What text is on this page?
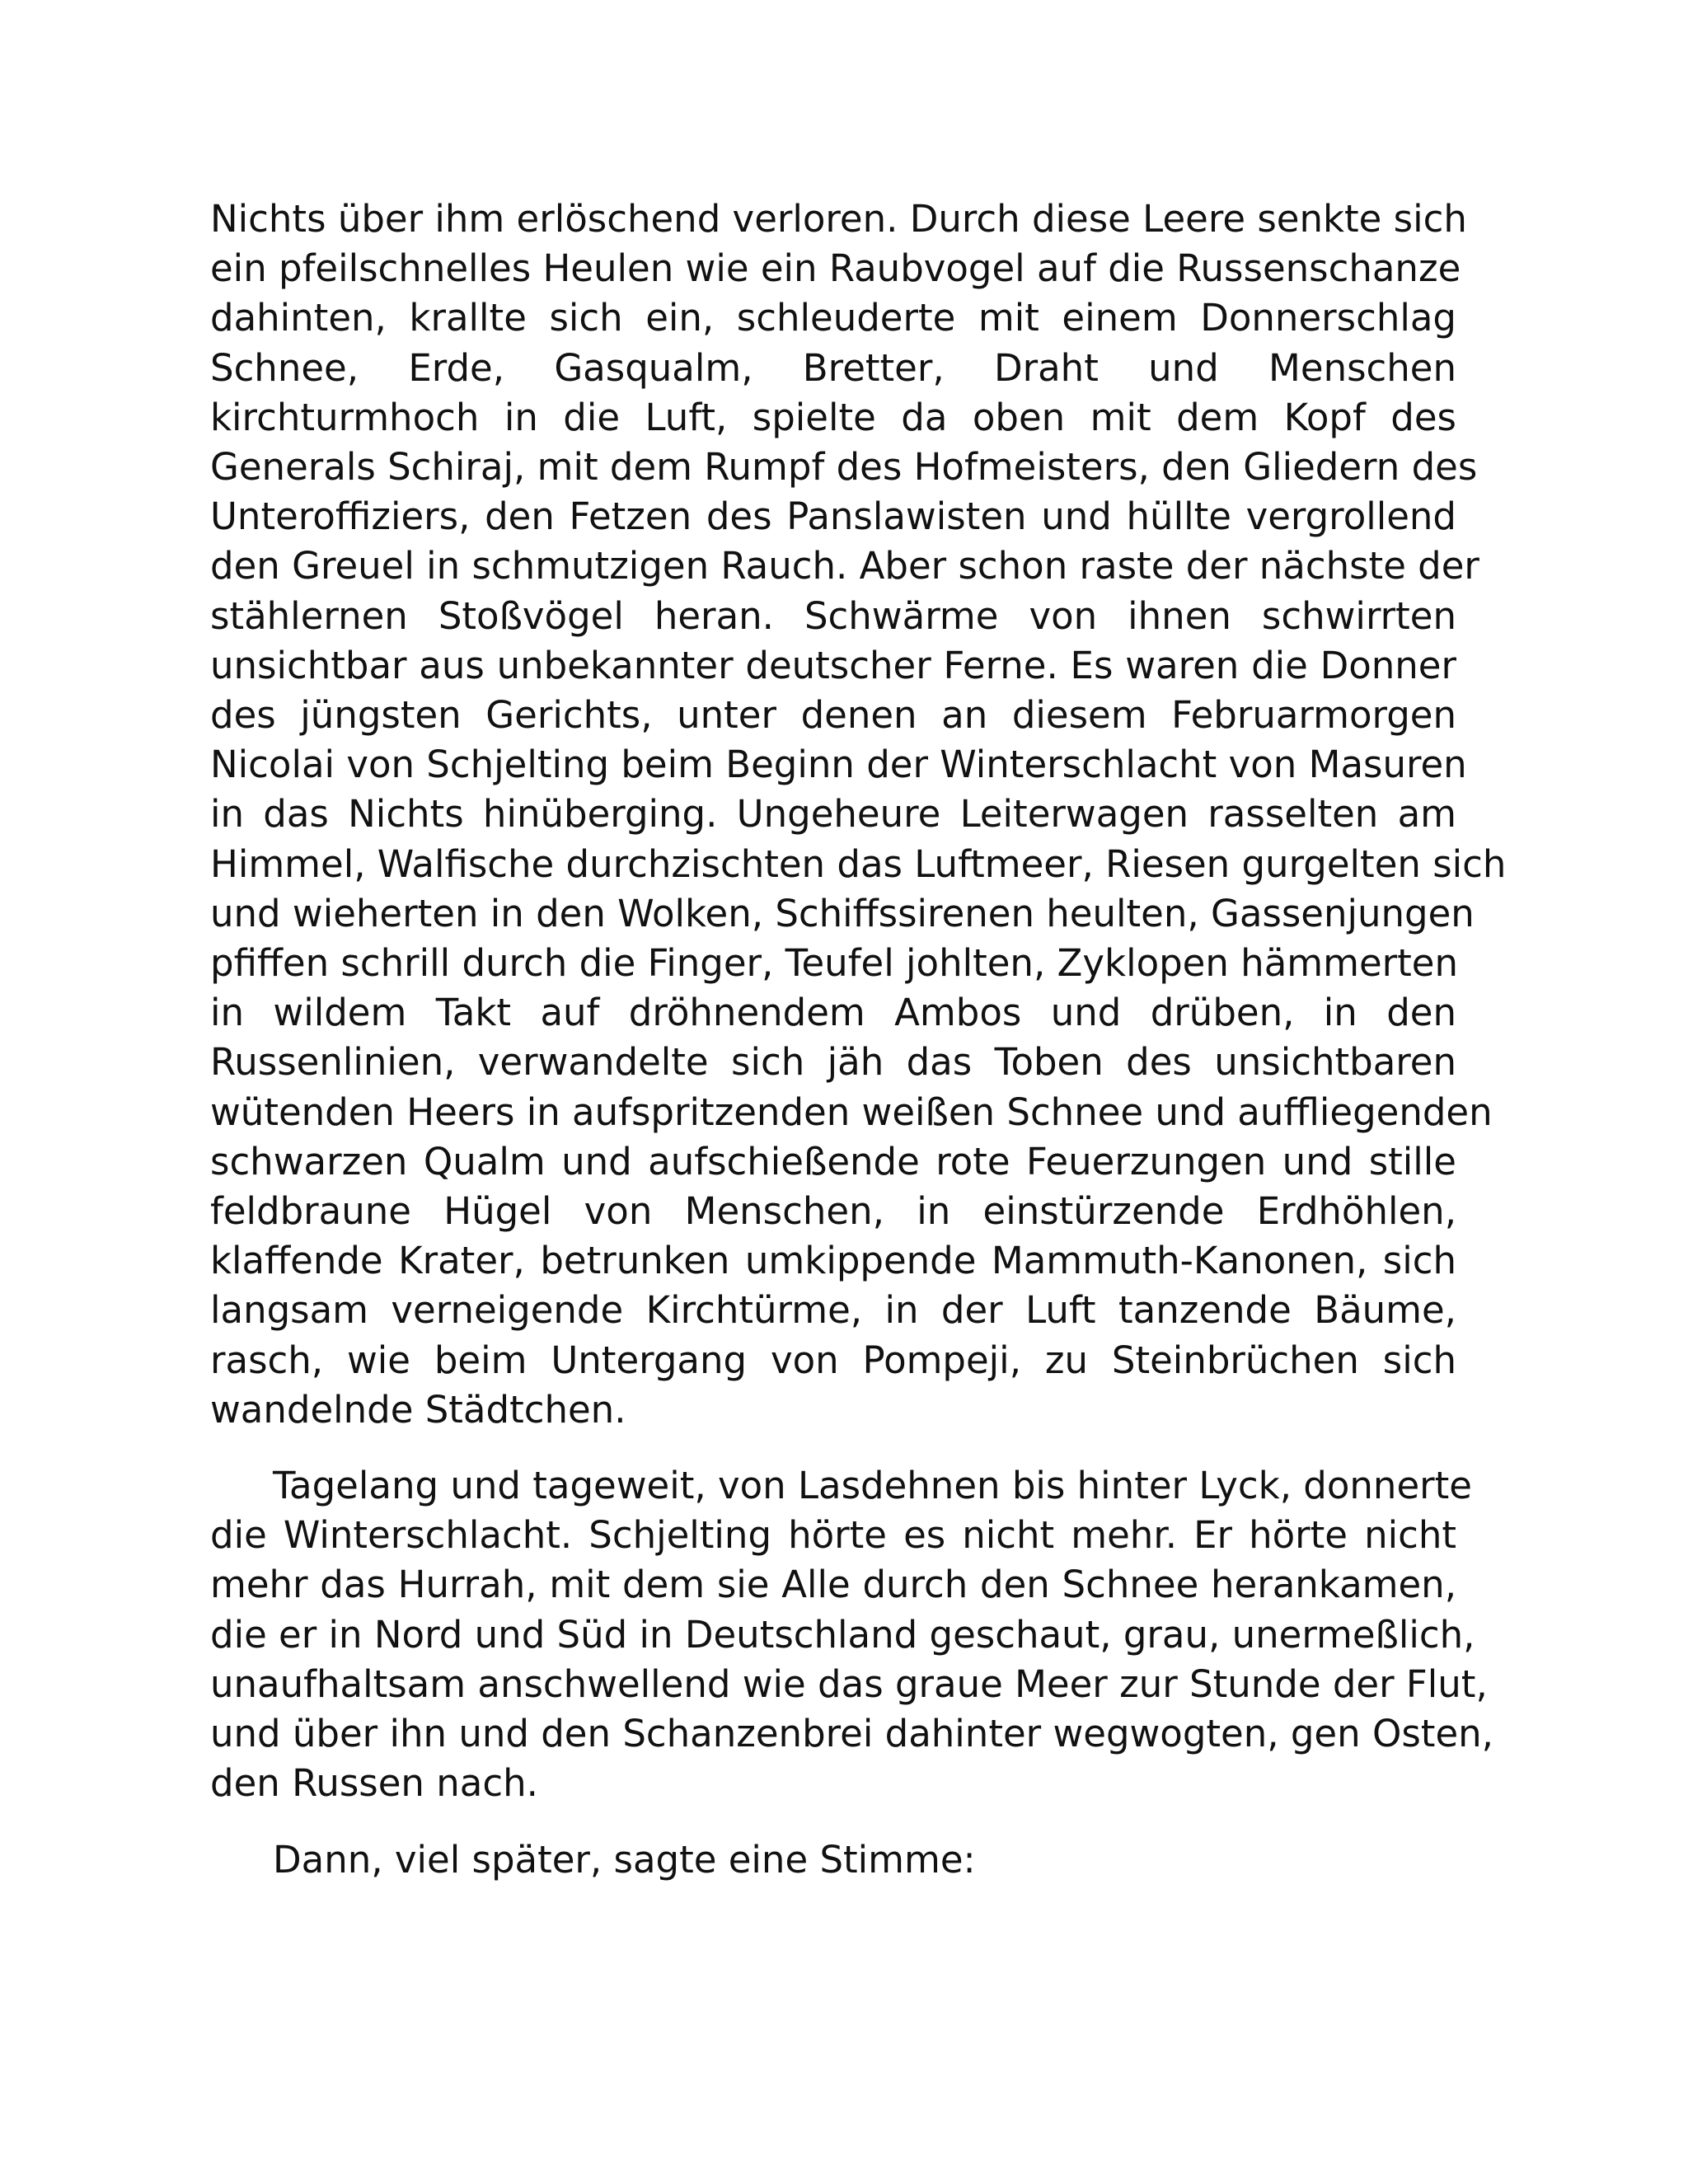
Nichts über ihm erlöschend verloren. Durch diese Leere senkte sich
ein pfeilschnelles Heulen wie ein Raubvogel auf die Russenschanze
dahinten, krallte sich ein, schleuderte mit einem Donnerschlag
Schnee, Erde, Gasqualm, Bretter, Draht und Menschen
kirchturmhoch in die Luft, spielte da oben mit dem Kopf des
Generals Schiraj, mit dem Rumpf des Hofmeisters, den Gliedern des
Unteroffiziers, den Fetzen des Panslawisten und hüllte vergrollend
den Greuel in schmutzigen Rauch. Aber schon raste der nächste der
stählernen Stoßvögel heran. Schwärme von ihnen schwirrten
unsichtbar aus unbekannter deutscher Ferne. Es waren die Donner
des jüngsten Gerichts, unter denen an diesem Februarmorgen
Nicolai von Schjelting beim Beginn der Winterschlacht von Masuren
in das Nichts hinüberging. Ungeheure Leiterwagen rasselten am
Himmel, Walfische durchzischten das Luftmeer, Riesen gurgelten sich
und wieherten in den Wolken, Schiffssirenen heulten, Gassenjungen
pfiffen schrill durch die Finger, Teufel johlten, Zyklopen hämmerten
in wildem Takt auf dröhnendem Ambos und drüben, in den
Russenlinien, verwandelte sich jäh das Toben des unsichtbaren
wütenden Heers in aufspritzenden weißen Schnee und auffliegenden
schwarzen Qualm und aufschießende rote Feuerzungen und stille
feldbraune Hügel von Menschen, in einstürzende Erdhöhlen,
klaffende Krater, betrunken umkippende Mammuth-Kanonen, sich
langsam verneigende Kirchtürme, in der Luft tanzende Bäume,
rasch, wie beim Untergang von Pompeji, zu Steinbrüchen sich
wandelnde Städtchen.

Tagelang und tageweit, von Lasdehnen bis hinter Lyck, donnerte
die Winterschlacht. Schjelting hörte es nicht mehr. Er hörte nicht
mehr das Hurrah, mit dem sie Alle durch den Schnee herankamen,
die er in Nord und Süd in Deutschland geschaut, grau, unermeßlich,
unaufhaltsam anschwellend wie das graue Meer zur Stunde der Flut,
und über ihn und den Schanzenbrei dahinter wegwogten, gen Osten,
den Russen nach.

Dann, viel später, sagte eine Stimme:
